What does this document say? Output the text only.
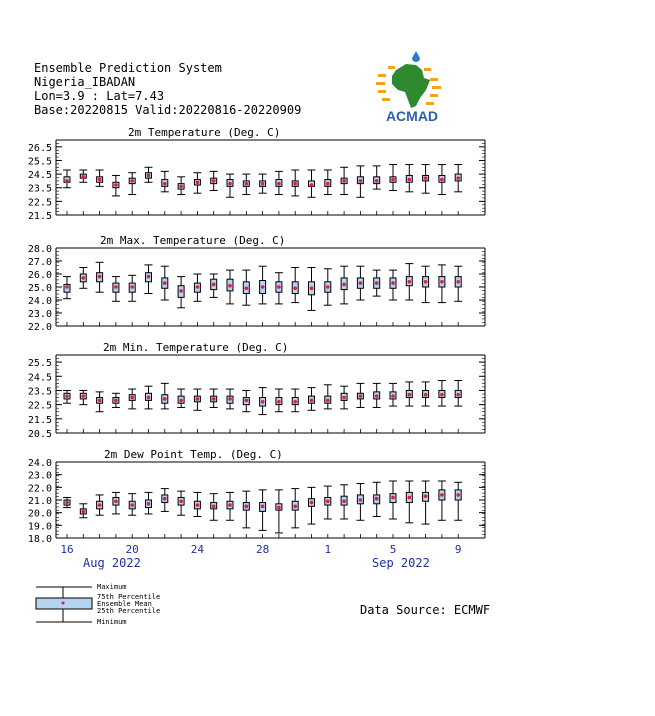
Ensemble Prediction System
Nigeria_IBADAN
Lon=3.9 : Lat=7.43
Base:20220815 Valid:20220816-20220909	ACMAD
21.5
22.5
23.5
24.5
25.5
26.5
2m Temperature (Deg. C)
22.0
23.0
24.0
25.0
26.0
27.0
28.0
2m Max. Temperature (Deg. C)
20.5
21.5
22.5
23.5
24.5
25.5
2m Min. Temperature (Deg. C)
18.0
19.0
20.0
21.0
22.0
23.0
24.0
2m Dew Point Temp. (Deg. C)
Aug 2022	Sep 2022
16	20	24	28	1	5	9
Maximum
75th Percentile
Ensemble Mean
25th Percentile
Minimum
Data Source: ECMWF
